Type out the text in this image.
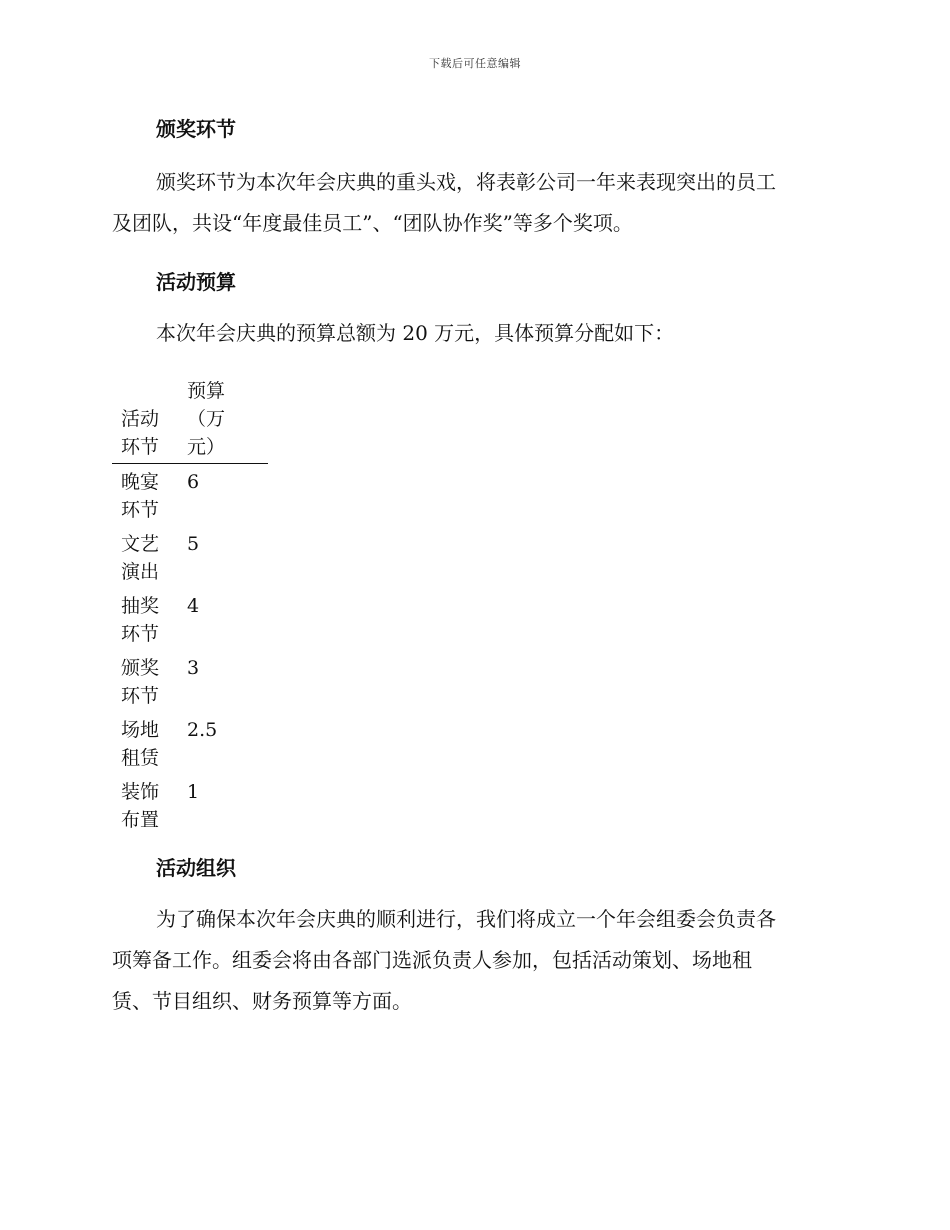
下载后可任意编辑
颁奖环节
颁奖环节为本次年会庆典的重头戏，将表彰公司一年来表现突出的员工
及团队，共设“年度最佳员工”、“团队协作奖”等多个奖项。
活动预算
本次年会庆典的预算总额为 20 万元，具体预算分配如下：
活动环节	预算（万元）
晚宴环节	6
文艺演出	5
抽奖环节	4
颁奖环节	3
场地租赁	2.5
装饰布置	1
活动组织
为了确保本次年会庆典的顺利进行，我们将成立一个年会组委会负责各
项筹备工作。组委会将由各部门选派负责人参加，包括活动策划、场地租
赁、节目组织、财务预算等方面。
